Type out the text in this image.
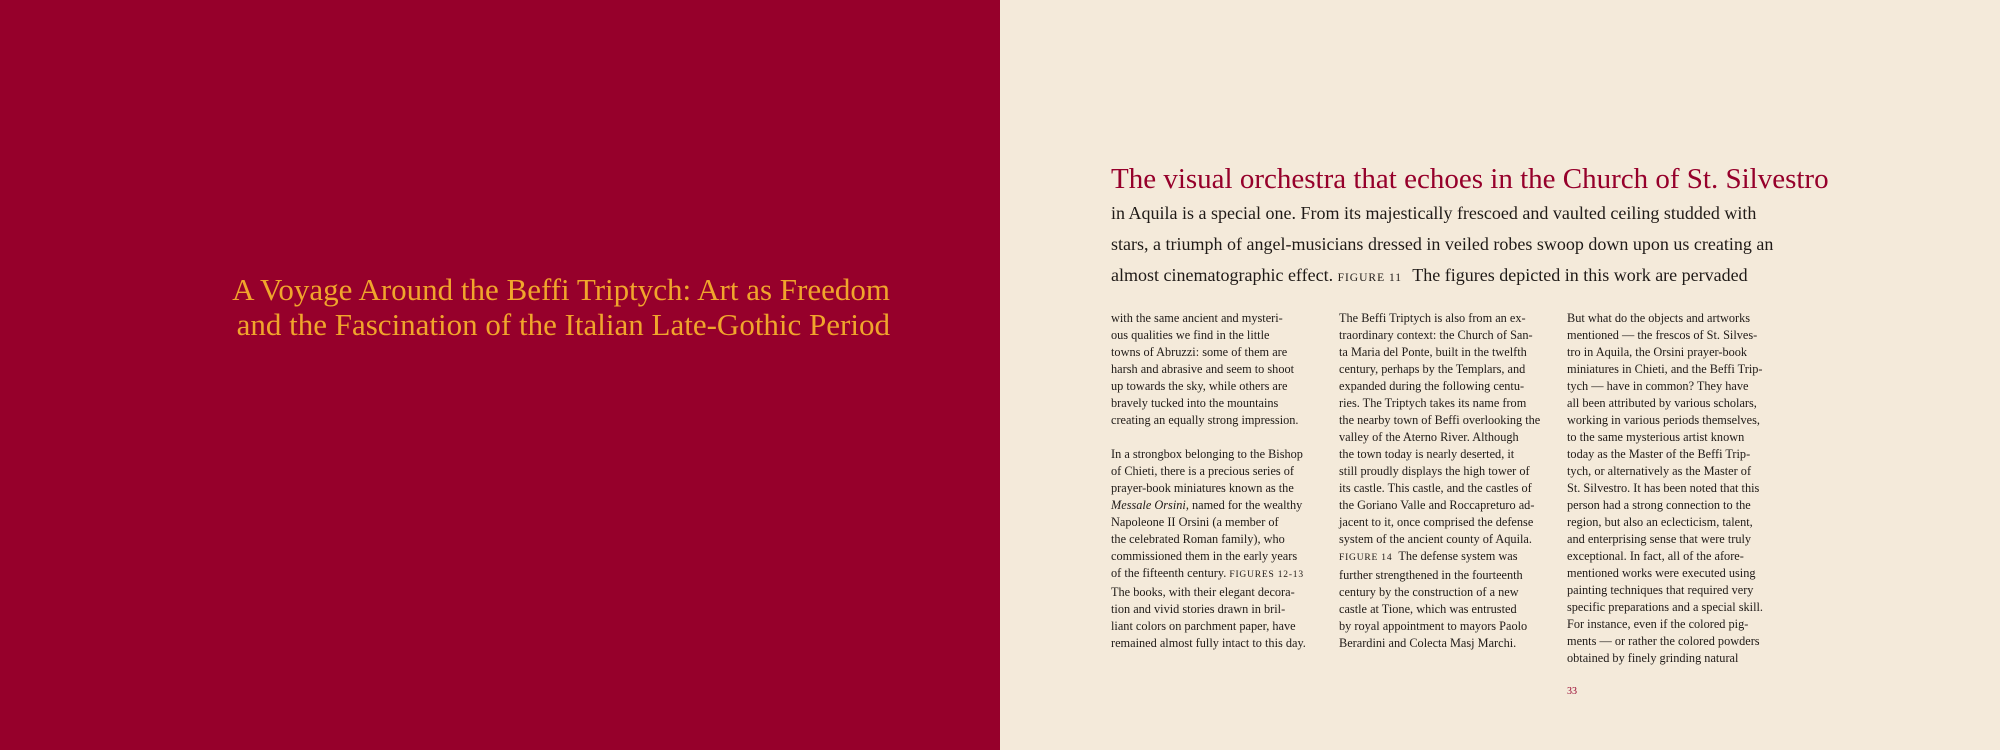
A Voyage Around the Beffi Triptych: Art as Freedom
and the Fascination of the Italian Late-Gothic Period
The visual orchestra that echoes in the Church of St. Silvestro
in Aquila is a special one. From its majestically frescoed and vaulted ceiling studded with
stars, a triumph of angel-musicians dressed in veiled robes swoop down upon us creating an
almost cinematographic effect. FIGURE 11 The figures depicted in this work are pervaded
with the same ancient and mysteri-
ous qualities we find in the little
towns of Abruzzi: some of them are
harsh and abrasive and seem to shoot
up towards the sky, while others are
bravely tucked into the mountains
creating an equally strong impression.
In a strongbox belonging to the Bishop
of Chieti, there is a precious series of
prayer-book miniatures known as the
Messale Orsini, named for the wealthy
Napoleone II Orsini (a member of
the celebrated Roman family), who
commissioned them in the early years
of the fifteenth century. FIGURES 12-13
The books, with their elegant decora-
tion and vivid stories drawn in bril-
liant colors on parchment paper, have
remained almost fully intact to this day.
The Beffi Triptych is also from an ex-
traordinary context: the Church of San-
ta Maria del Ponte, built in the twelfth
century, perhaps by the Templars, and
expanded during the following centu-
ries. The Triptych takes its name from
the nearby town of Beffi overlooking the
valley of the Aterno River. Although
the town today is nearly deserted, it
still proudly displays the high tower of
its castle. This castle, and the castles of
the Goriano Valle and Roccapreturo ad-
jacent to it, once comprised the defense
system of the ancient county of Aquila.
FIGURE 14 The defense system was
further strengthened in the fourteenth
century by the construction of a new
castle at Tione, which was entrusted
by royal appointment to mayors Paolo
Berardini and Colecta Masj Marchi.
But what do the objects and artworks
mentioned — the frescos of St. Silves-
tro in Aquila, the Orsini prayer-book
miniatures in Chieti, and the Beffi Trip-
tych — have in common? They have
all been attributed by various scholars,
working in various periods themselves,
to the same mysterious artist known
today as the Master of the Beffi Trip-
tych, or alternatively as the Master of
St. Silvestro. It has been noted that this
person had a strong connection to the
region, but also an eclecticism, talent,
and enterprising sense that were truly
exceptional. In fact, all of the afore-
mentioned works were executed using
painting techniques that required very
specific preparations and a special skill.
For instance, even if the colored pig-
ments — or rather the colored powders
obtained by finely grinding natural
33
